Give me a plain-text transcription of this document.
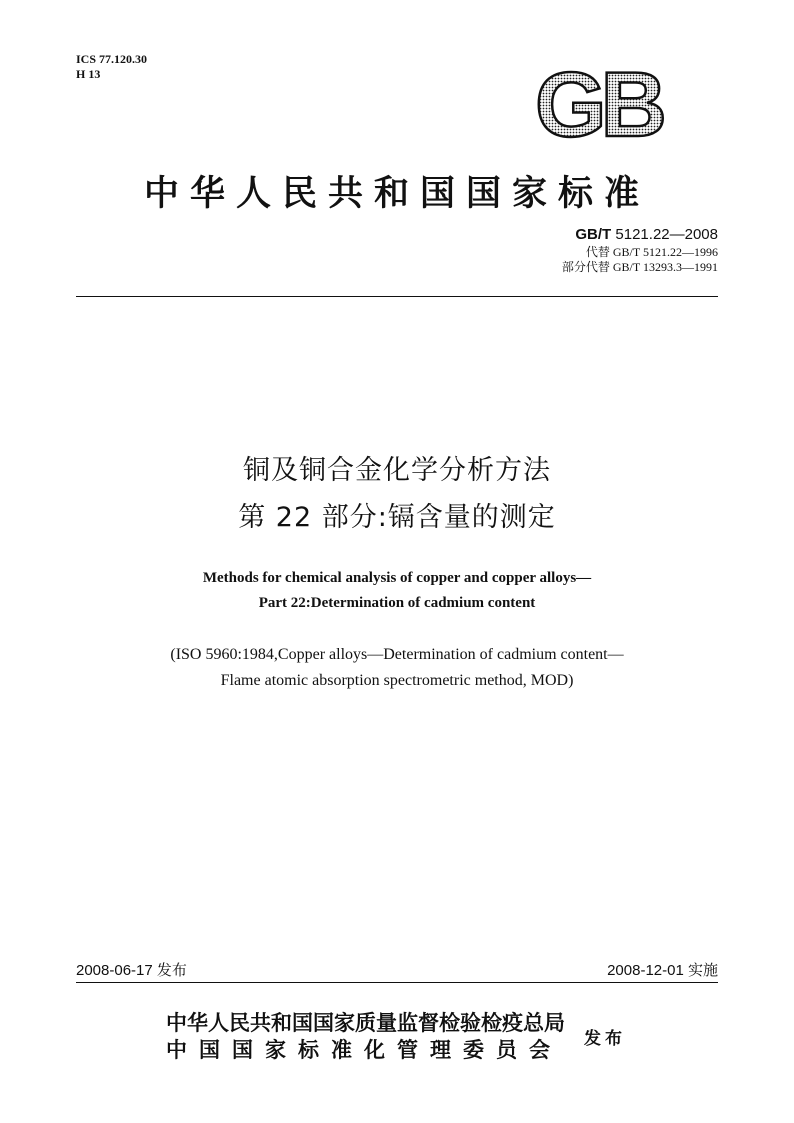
ICS 77.120.30
H 13	GB
中华人民共和国国家标准
GB/T 5121.22—2008
代替 GB/T 5121.22—1996
部分代替 GB/T 13293.3—1991
铜及铜合金化学分析方法
第 22 部分:镉含量的测定
Methods for chemical analysis of copper and copper alloys—
Part 22:Determination of cadmium content
(ISO 5960:1984,Copper alloys—Determination of cadmium content—
Flame atomic absorption spectrometric method, MOD)
2008-06-17 发布	2008-12-01 实施
中华人民共和国国家质量监督检验检疫总局
中国国家标准化管理委员会 发布
